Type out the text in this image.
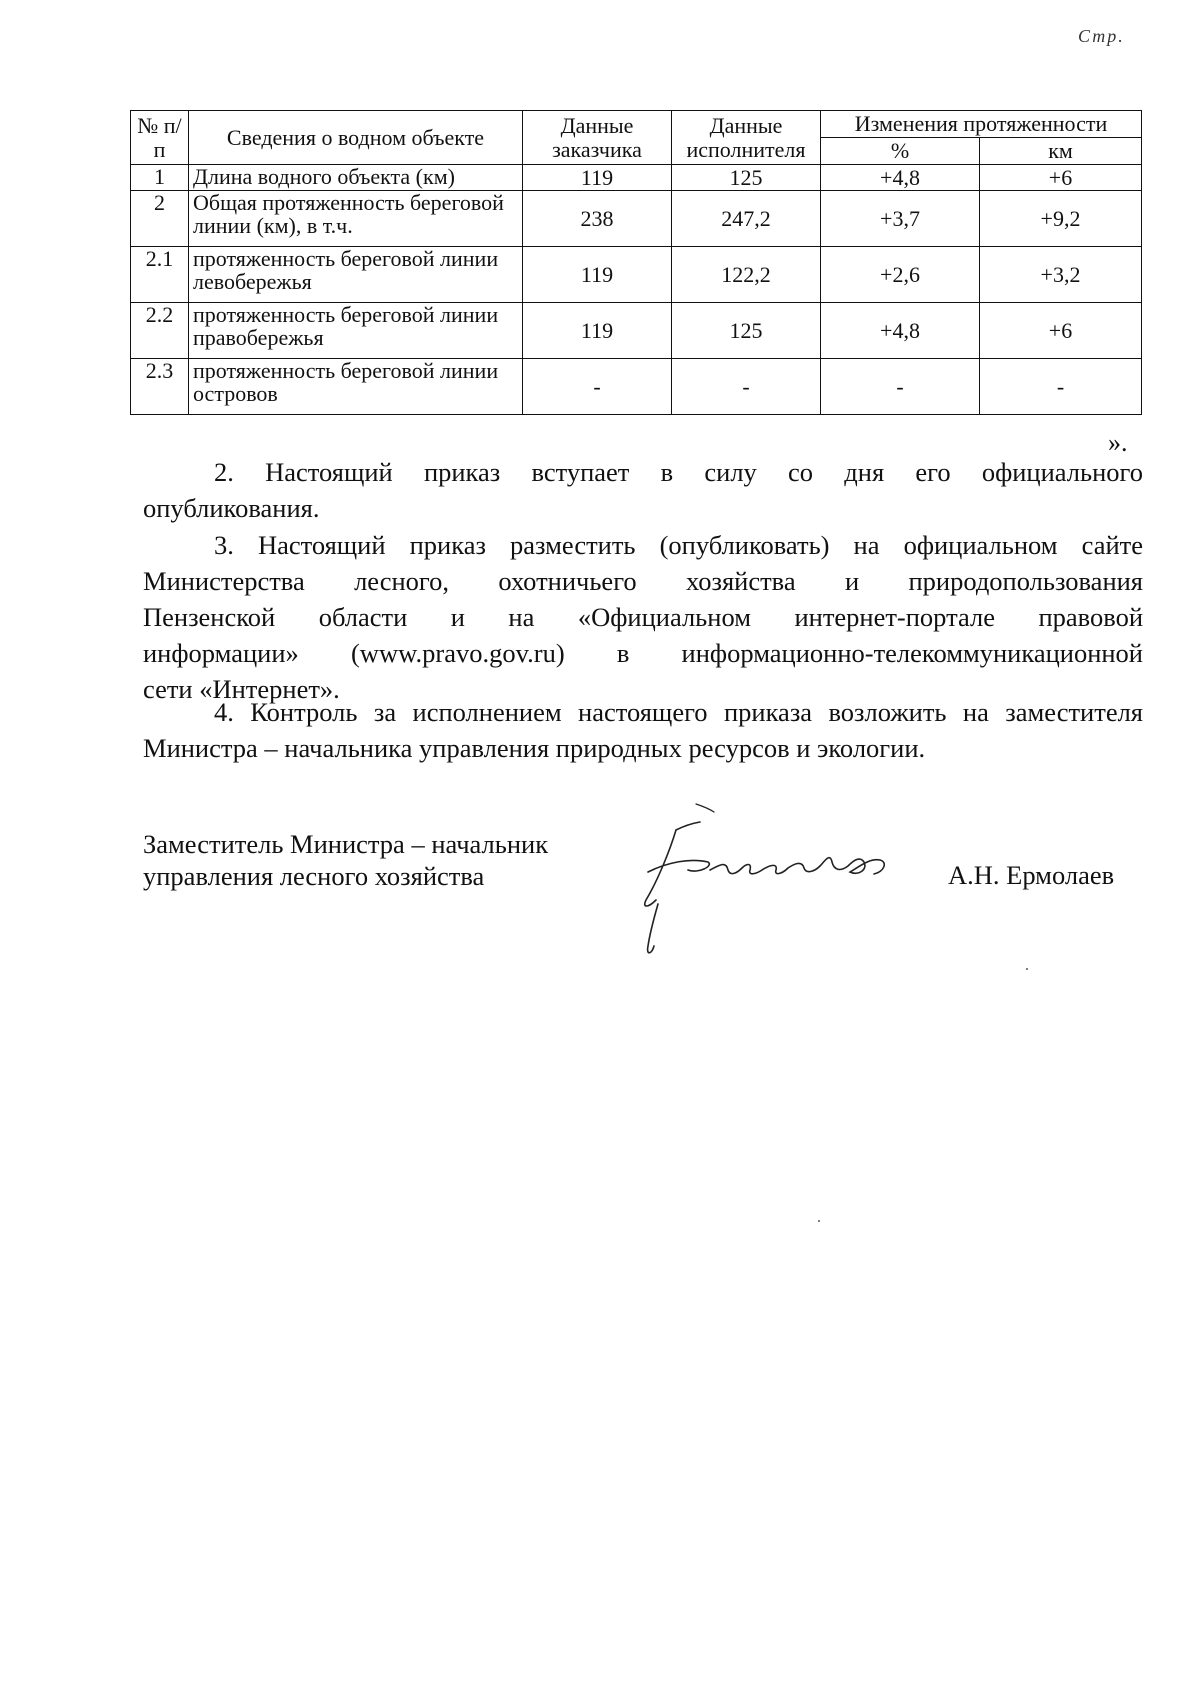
Стр.
№ п/п	Сведения о водном объекте	Данные заказчика	Данные исполнителя	Изменения протяженности	
				%	км
1	Длина водного объекта (км)	119	125	+4,8	+6
2	Общая протяженность береговой линии (км), в т.ч.	238	247,2	+3,7	+9,2
2.1	протяженность береговой линии левобережья	119	122,2	+2,6	+3,2
2.2	протяженность береговой линии правобережья	119	125	+4,8	+6
2.3	протяженность береговой линии островов	-	-	-	-
».
2. Настоящий приказ вступает в силу со дня его официального
опубликования.
3. Настоящий приказ разместить (опубликовать) на официальном сайте
Министерства лесного, охотничьего хозяйства и природопользования
Пензенской области и на «Официальном интернет-портале правовой
информации» (www.pravo.gov.ru) в информационно-телекоммуникационной
сети «Интернет».
4. Контроль за исполнением настоящего приказа возложить на заместителя
Министра – начальника управления природных ресурсов и экологии.
Заместитель Министра – начальник
управления лесного хозяйства	А.Н. Ермолаев
